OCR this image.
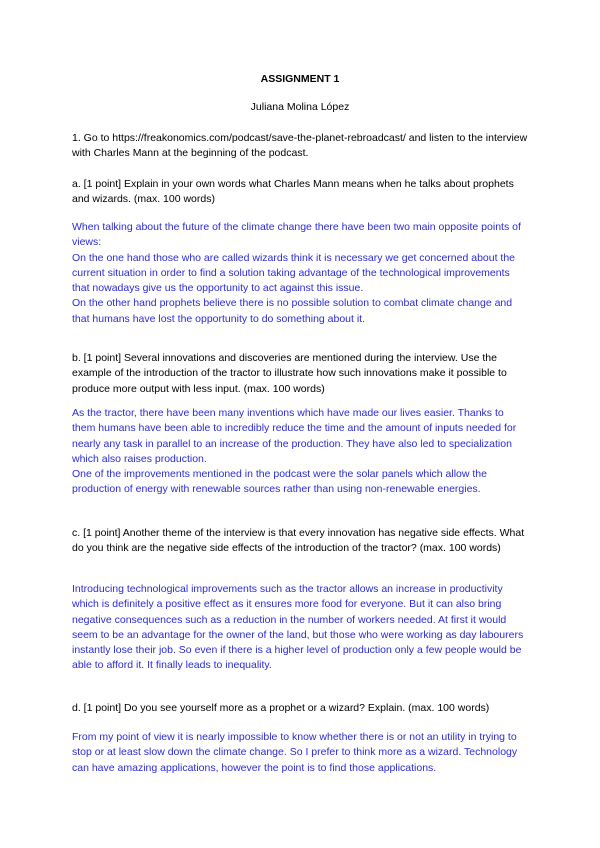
ASSIGNMENT 1
Juliana Molina López
1. Go to https://freakonomics.com/podcast/save-the-planet-rebroadcast/ and listen to the interview with Charles Mann at the beginning of the podcast.
a. [1 point] Explain in your own words what Charles Mann means when he talks about prophets and wizards. (max. 100 words)

When talking about the future of the climate change there have been two main opposite points of views:

On the one hand those who are called wizards think it is necessary we get concerned about the current situation in order to find a solution taking advantage of the technological improvements that nowadays give us the opportunity to act against this issue.

On the other hand prophets believe there is no possible solution to combat climate change and that humans have lost the opportunity to do something about it.

b. [1 point] Several innovations and discoveries are mentioned during the interview. Use the example of the introduction of the tractor to illustrate how such innovations make it possible to produce more output with less input. (max. 100 words)

As the tractor, there have been many inventions which have made our lives easier. Thanks to them humans have been able to incredibly reduce the time and the amount of inputs needed for nearly any task in parallel to an increase of the production. They have also led to specialization which also raises production.

One of the improvements mentioned in the podcast were the solar panels which allow the production of energy with renewable sources rather than using non-renewable energies.

c. [1 point] Another theme of the interview is that every innovation has negative side effects. What do you think are the negative side effects of the introduction of the tractor? (max. 100 words)

Introducing technological improvements such as the tractor allows an increase in productivity which is definitely a positive effect as it ensures more food for everyone. But it can also bring negative consequences such as a reduction in the number of workers needed. At first it would seem to be an advantage for the owner of the land, but those who were working as day labourers instantly lose their job. So even if there is a higher level of production only a few people would be able to afford it. It finally leads to inequality.

d. [1 point] Do you see yourself more as a prophet or a wizard? Explain. (max. 100 words)

From my point of view it is nearly impossible to know whether there is or not an utility in trying to stop or at least slow down the climate change. So I prefer to think more as a wizard. Technology can have amazing applications, however the point is to find those applications.
